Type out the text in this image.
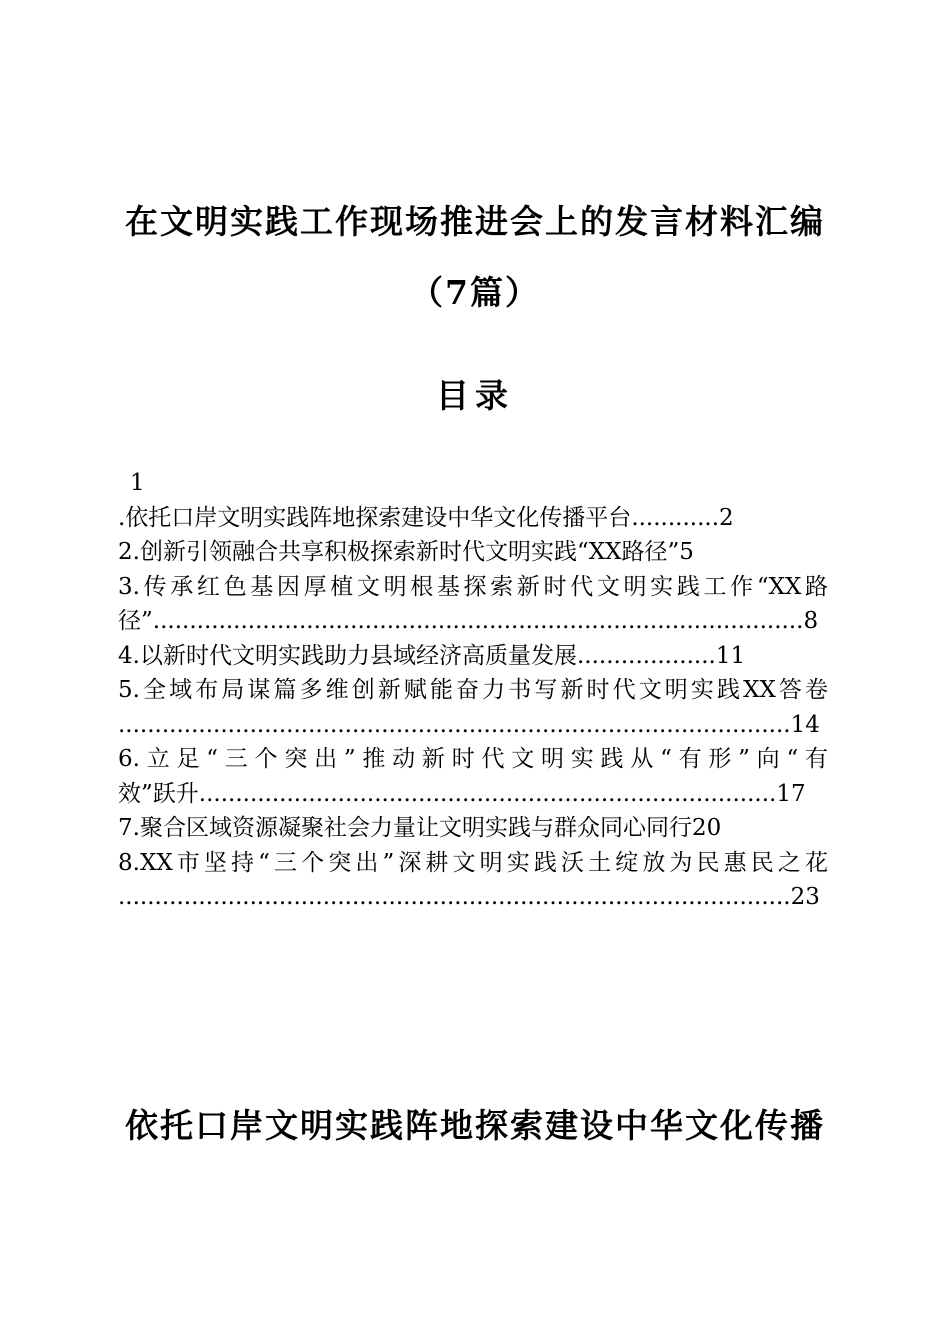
在文明实践工作现场推进会上的发言材料汇编
（7篇）
目录
1
.依托口岸文明实践阵地探索建设中华文化传播平台............2
2.创新引领融合共享积极探索新时代文明实践“XX路径”5
3.传承红色基因厚植文明根基探索新时代文明实践工作“XX路
径”.........................................................................................8
4.以新时代文明实践助力县域经济高质量发展...................11
5.全域布局谋篇多维创新赋能奋力书写新时代文明实践XX答卷
............................................................................................14
6.立足“三个突出”推动新时代文明实践从“有形”向“有
效”跃升...............................................................................17
7.聚合区域资源凝聚社会力量让文明实践与群众同心同行20
8.XX市坚持“三个突出”深耕文明实践沃土绽放为民惠民之花
............................................................................................23
依托口岸文明实践阵地探索建设中华文化传播
